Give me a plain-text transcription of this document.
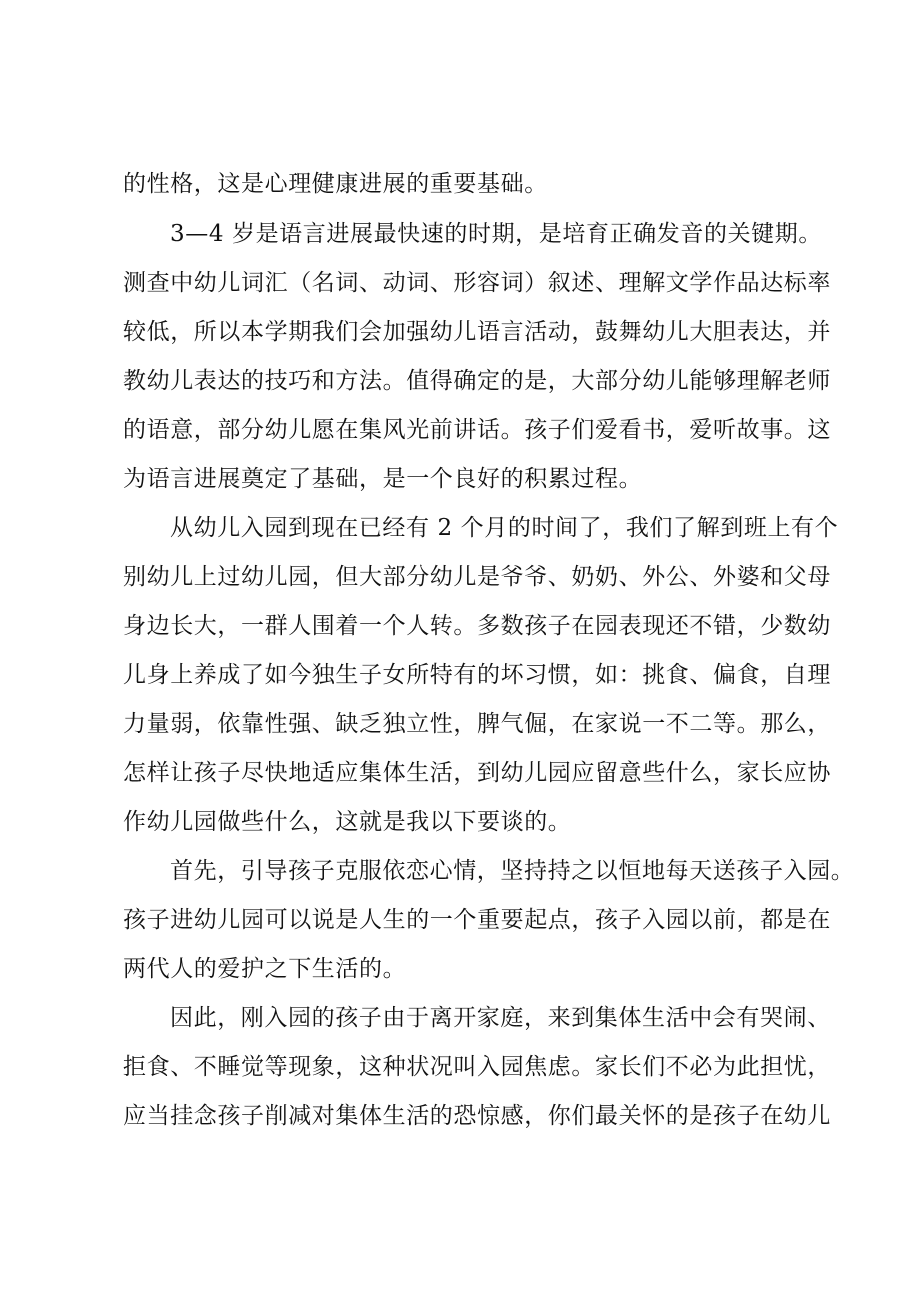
的性格，这是心理健康进展的重要基础。
3—4 岁是语言进展最快速的时期，是培育正确发音的关键期。
测查中幼儿词汇（名词、动词、形容词）叙述、理解文学作品达标率
较低，所以本学期我们会加强幼儿语言活动，鼓舞幼儿大胆表达，并
教幼儿表达的技巧和方法。值得确定的是，大部分幼儿能够理解老师
的语意，部分幼儿愿在集风光前讲话。孩子们爱看书，爱听故事。这
为语言进展奠定了基础，是一个良好的积累过程。
从幼儿入园到现在已经有 2 个月的时间了，我们了解到班上有个
别幼儿上过幼儿园，但大部分幼儿是爷爷、奶奶、外公、外婆和父母
身边长大，一群人围着一个人转。多数孩子在园表现还不错，少数幼
儿身上养成了如今独生子女所特有的坏习惯，如：挑食、偏食，自理
力量弱，依靠性强、缺乏独立性，脾气倔，在家说一不二等。那么，
怎样让孩子尽快地适应集体生活，到幼儿园应留意些什么，家长应协
作幼儿园做些什么，这就是我以下要谈的。
首先，引导孩子克服依恋心情，坚持持之以恒地每天送孩子入园。
孩子进幼儿园可以说是人生的一个重要起点，孩子入园以前，都是在
两代人的爱护之下生活的。
因此，刚入园的孩子由于离开家庭，来到集体生活中会有哭闹、
拒食、不睡觉等现象，这种状况叫入园焦虑。家长们不必为此担忧，
应当挂念孩子削减对集体生活的恐惊感，你们最关怀的是孩子在幼儿
